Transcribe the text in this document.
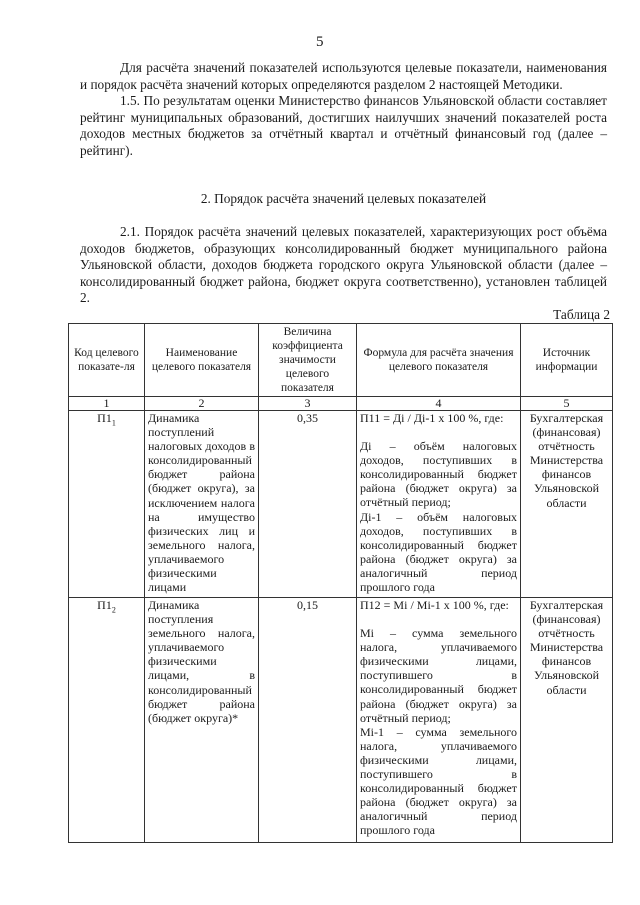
5

Для расчёта значений показателей используются целевые показатели, наименования и порядок расчёта значений которых определяются разделом 2 настоящей Методики.

1.5. По результатам оценки Министерство финансов Ульяновской области составляет рейтинг муниципальных образований, достигших наилучших значений показателей роста доходов местных бюджетов за отчётный квартал и отчётный финансовый год (далее – рейтинг).

2. Порядок расчёта значений целевых показателей

2.1. Порядок расчёта значений целевых показателей, характеризующих рост объёма доходов бюджетов, образующих консолидированный бюджет муниципального района Ульяновской области, доходов бюджета городского округа Ульяновской области (далее – консолидированный бюджет района, бюджет округа соответственно), установлен таблицей 2.

Таблица 2
Код целевого показате-ля	Наименование целевого показателя	Величина коэффициента значимости целевого показателя	Формула для расчёта значения целевого показателя	Источник информации
1	2	3	4	5
$П1_1$	Динамика поступлений налоговых доходов в консолидированный бюджет района (бюджет округа), за исключением налога на имущество физических лиц и земельного налога, уплачиваемого физическими лицами	0,35	П11 = Дi / Дi-1 х 100 %, где:

Дi – объём налоговых доходов, поступивших в консолидированный бюджет района (бюджет округа) за отчётный период;

Дi-1 – объём налоговых доходов, поступивших в консолидированный бюджет района (бюджет округа) за аналогичный период прошлого года	Бухгалтерская (финансовая) отчётность Министерства финансов Ульяновской области
$П1_2$	Динамика поступления земельного налога, уплачиваемого физическими лицами, в консолидированный бюджет района (бюджет округа)*	0,15	П12 = Мi / Мi-1 х 100 %, где:

Мi – сумма земельного налога, уплачиваемого физическими лицами, поступившего в консолидированный бюджет района (бюджет округа) за отчётный период;

Мi-1 – сумма земельного налога, уплачиваемого физическими лицами, поступившего в консолидированный бюджет района (бюджет округа) за аналогичный период прошлого года	Бухгалтерская (финансовая) отчётность Министерства финансов Ульяновской области
